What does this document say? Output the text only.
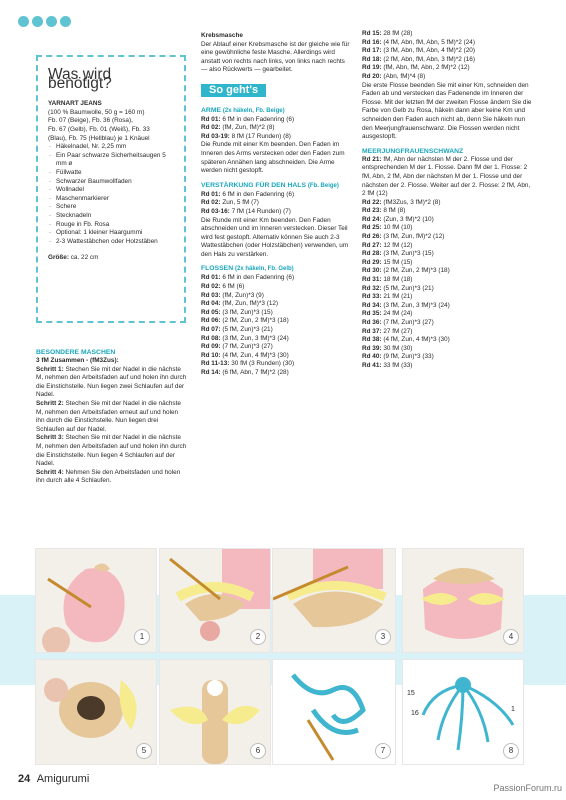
Was wird benötigt?
YARNART JEANS
(100 % Baumwolle, 50 g = 160 m)
Fb. 07 (Beige), Fb. 36 (Rosa),
Fb. 67 (Gelb), Fb. 01 (Weiß), Fb. 33
(Blau), Fb. 75 (Hellblau) je 1 Knäuel
· Häkelnadel, Nr. 2,25 mm
· Ein Paar schwarze Sicherheitsaugen 5 mm ø
· Füllwatte
· Schwarzer Baumwollfaden
· Wollnadel
· Maschenmarkierer
· Schere
· Stecknadeln
· Rouge in Fb. Rosa
· Optional: 1 kleiner Haargummi
· 2-3 Wattestäbchen oder Holzstäben
Größe: ca. 22 cm
BESONDERE MASCHEN
3 fM Zusammen - (fM3Zus):

Schritt 1: Stechen Sie mit der Nadel in die nächste M, nehmen den Arbeitsfaden auf und holen ihn durch die Einstichstelle. Nun liegen zwei Schlaufen auf der Nadel.

Schritt 2: Stechen Sie mit der Nadel in die nächste M, nehmen den Arbeitsfaden erneut auf und holen ihn durch die Einstichstelle. Nun liegen drei Schlaufen auf der Nadel.

Schritt 3: Stechen Sie mit der Nadel in die nächste M, nehmen den Arbeitsfaden auf und holen ihn durch die Einstichstelle. Nun liegen 4 Schlaufen auf der Nadel.

Schritt 4: Nehmen Sie den Arbeitsfaden und holen ihn durch alle 4 Schlaufen.

Krebsmasche

Der Ablauf einer Krebsmasche ist der gleiche wie für eine gewöhnliche feste Masche. Allerdings wird anstatt von rechts nach links, von links nach rechts — also Rückwerts — gearbeitet.

So geht's
ARME (2x häkeln, Fb. Beige)
Rd 01: 6 fM in den Fadenring (6)
Rd 02: (fM, Zun, fM)*2 (8)
Rd 03-19: 8 fM (17 Runden) (8)

Die Runde mit einer Km beenden. Den Faden im Inneren des Arms verstecken oder den Faden zum späteren Annähen lang abschneiden. Die Arme werden nicht gestopft.

VERSTÄRKUNG FÜR DEN HALS (Fb. Beige)
Rd 01: 6 fM in den Fadenring (6)
Rd 02: Zun, 5 fM (7)
Rd 03-16: 7 fM (14 Runden) (7)

Die Runde mit einer Km beenden. Den Faden abschneiden und im Inneren verstecken. Dieser Teil wird fest gestopft. Alternativ können Sie auch 2-3 Wattestäbchen (oder Holzstäbchen) verwenden, um den Hals zu verstärken.

FLOSSEN (2x häkeln, Fb. Gelb)
Rd 01: 6 fM in den Fadenring (6)
Rd 02: 6 fM (6)
Rd 03: (fM, Zun)*3 (9)
Rd 04: (fM, Zun, fM)*3 (12)
Rd 05: (3 fM, Zun)*3 (15)
Rd 06: (2 fM, Zun, 2 fM)*3 (18)
Rd 07: (5 fM, Zun)*3 (21)
Rd 08: (3 fM, Zun, 3 fM)*3 (24)
Rd 09: (7 fM, Zun)*3 (27)
Rd 10: (4 fM, Zun, 4 fM)*3 (30)
Rd 11-13: 30 fM (3 Runden) (30)
Rd 14: (6 fM, Abn, 7 fM)*2 (28)
Rd 15: 28 fM (28)
Rd 16: (4 fM, Abn, fM, Abn, 5 fM)*2 (24)
Rd 17: (3 fM, Abn, fM, Abn, 4 fM)*2 (20)
Rd 18: (2 fM, Abn, fM, Abn, 3 fM)*2 (16)
Rd 19: (fM, Abn, fM, Abn, 2 fM)*2 (12)
Rd 20: (Abn, fM)*4 (8)

Die erste Flosse beenden Sie mit einer Km, schneiden den Faden ab und verstecken das Fadenende im Inneren der Flosse. Mit der letzten fM der zweiten Flosse ändern Sie die Farbe von Gelb zu Rosa, häkeln dann aber keine Km und schneiden den Faden auch nicht ab, denn Sie häkeln nun den Meerjungfrauenschwanz. Die Flossen werden nicht ausgestopft.

MEERJUNGFRAUENSCHWANZ

Rd 21: fM, Abn der nächsten M der 2. Flosse und der entsprechenden M der 1. Flosse. Dann fM der 1. Flosse: 2 fM, Abn, 2 fM, Abn der nächsten M der 1. Flosse und der nächsten der 2. Flosse. Weiter auf der 2. Flosse: 2 fM, Abn, 2 fM (12)

Rd 22: (fM3Zus, 3 fM)*2 (8)
Rd 23: 8 fM (8)
Rd 24: (Zun, 3 fM)*2 (10)
Rd 25: 10 fM (10)
Rd 26: (3 fM, Zun, fM)*2 (12)
Rd 27: 12 fM (12)
Rd 28: (3 fM, Zun)*3 (15)
Rd 29: 15 fM (15)
Rd 30: (2 fM, Zun, 2 fM)*3 (18)
Rd 31: 18 fM (18)
Rd 32: (5 fM, Zun)*3 (21)
Rd 33: 21 fM (21)
Rd 34: (3 fM, Zun, 3 fM)*3 (24)
Rd 35: 24 fM (24)
Rd 36: (7 fM, Zun)*3 (27)
Rd 37: 27 fM (27)
Rd 38: (4 fM, Zun, 4 fM)*3 (30)
Rd 39: 30 fM (30)
Rd 40: (9 fM, Zun)*3 (33)
Rd 41: 33 fM (33)
1	2	3	4
5	6	7
15
16
1
8
24 Amigurumi
PassionForum.ru
